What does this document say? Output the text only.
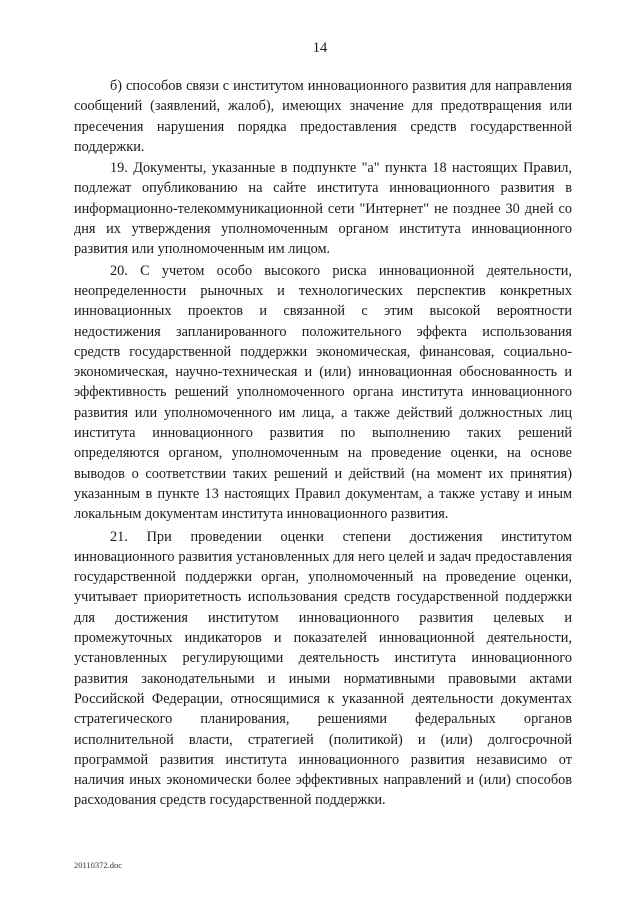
14

б) способов связи с институтом инновационного развития для направления сообщений (заявлений, жалоб), имеющих значение для предотвращения или пресечения нарушения порядка предоставления средств государственной поддержки.

19. Документы, указанные в подпункте "а" пункта 18 настоящих Правил, подлежат опубликованию на сайте института инновационного развития в информационно-телекоммуникационной сети "Интернет" не позднее 30 дней со дня их утверждения уполномоченным органом института инновационного развития или уполномоченным им лицом.

20. С учетом особо высокого риска инновационной деятельности, неопределенности рыночных и технологических перспектив конкретных инновационных проектов и связанной с этим высокой вероятности недостижения запланированного положительного эффекта использования средств государственной поддержки экономическая, финансовая, социально-экономическая, научно-техническая и (или) инновационная обоснованность и эффективность решений уполномоченного органа института инновационного развития или уполномоченного им лица, а также действий должностных лиц института инновационного развития по выполнению таких решений определяются органом, уполномоченным на проведение оценки, на основе выводов о соответствии таких решений и действий (на момент их принятия) указанным в пункте 13 настоящих Правил документам, а также уставу и иным локальным документам института инновационного развития.

21. При проведении оценки степени достижения институтом инновационного развития установленных для него целей и задач предоставления государственной поддержки орган, уполномоченный на проведение оценки, учитывает приоритетность использования средств государственной поддержки для достижения институтом инновационного развития целевых и промежуточных индикаторов и показателей инновационной деятельности, установленных регулирующими деятельность института инновационного развития законодательными и иными нормативными правовыми актами Российской Федерации, относящимися к указанной деятельности документах стратегического планирования, решениями федеральных органов исполнительной власти, стратегией (политикой) и (или) долгосрочной программой развития института инновационного развития независимо от наличия иных экономически более эффективных направлений и (или) способов расходования средств государственной поддержки.

20110372.doc
